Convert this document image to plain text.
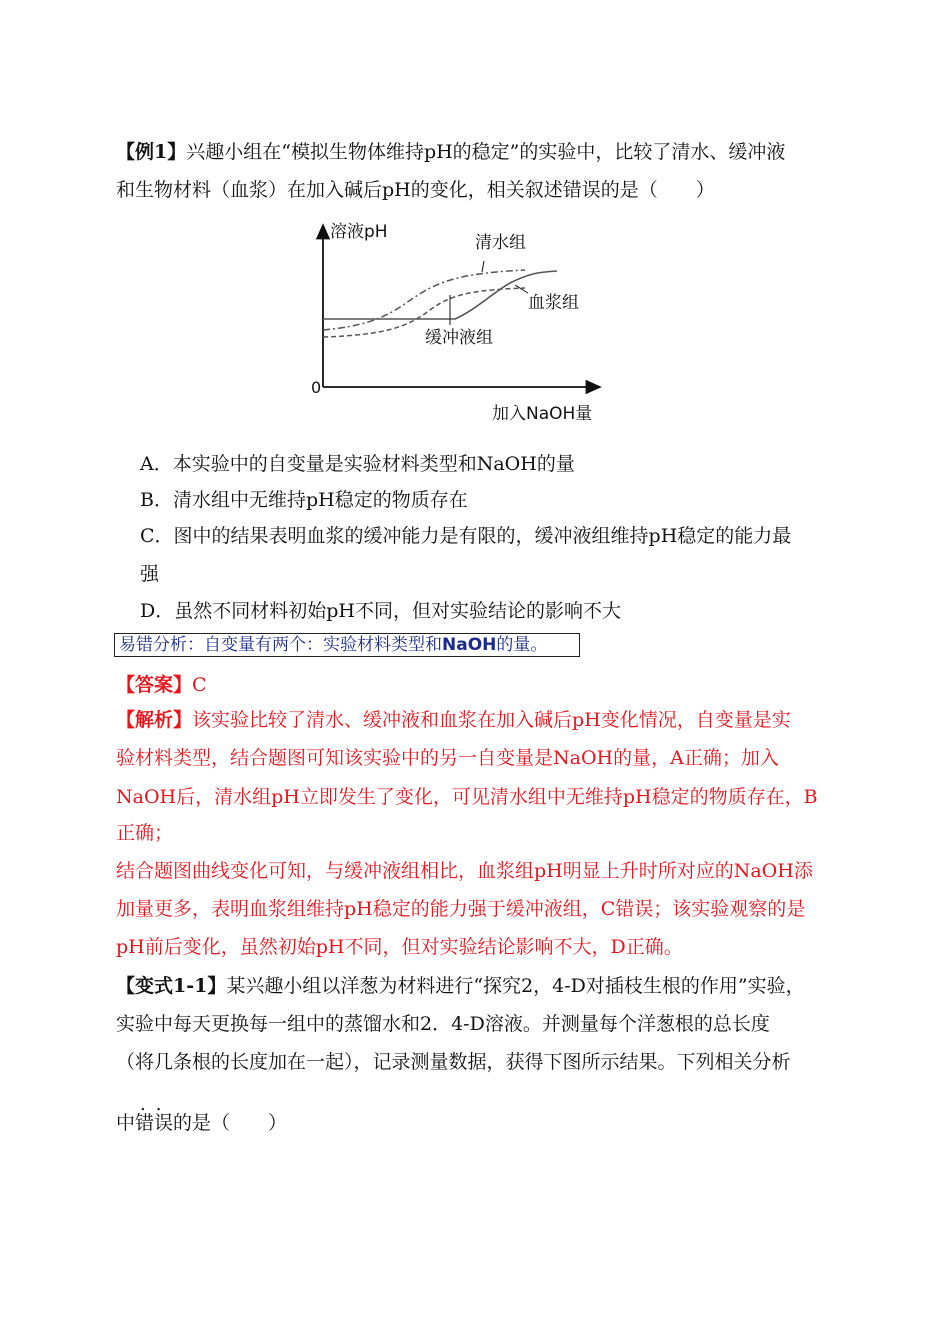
【例1】兴趣小组在“模拟生物体维持pH的稳定”的实验中，比较了清水、缓冲液
和生物材料（血浆）在加入碱后pH的变化，相关叙述错误的是（　　）
溶液pH
0
加入NaOH量
清水组
血浆组
缓冲液组
A．本实验中的自变量是实验材料类型和NaOH的量
B．清水组中无维持pH稳定的物质存在
C．图中的结果表明血浆的缓冲能力是有限的，缓冲液组维持pH稳定的能力最
强
D．虽然不同材料初始pH不同，但对实验结论的影响不大
易错分析：自变量有两个：实验材料类型和NaOH的量。
【答案】C
【解析】该实验比较了清水、缓冲液和血浆在加入碱后pH变化情况，自变量是实
验材料类型，结合题图可知该实验中的另一自变量是NaOH的量，A正确；加入
NaOH后，清水组pH立即发生了变化，可见清水组中无维持pH稳定的物质存在，B
正确；
结合题图曲线变化可知，与缓冲液组相比，血浆组pH明显上升时所对应的NaOH添
加量更多，表明血浆组维持pH稳定的能力强于缓冲液组，C错误；该实验观察的是
pH前后变化，虽然初始pH不同，但对实验结论影响不大，D正确。
【变式1-1】某兴趣小组以洋葱为材料进行“探究2，4-D对插枝生根的作用”实验，
实验中每天更换每一组中的蒸馏水和2．4-D溶液。并测量每个洋葱根的总长度
（将几条根的长度加在一起），记录测量数据，获得下图所示结果。下列相关分析
..
中错误的是（　　）
